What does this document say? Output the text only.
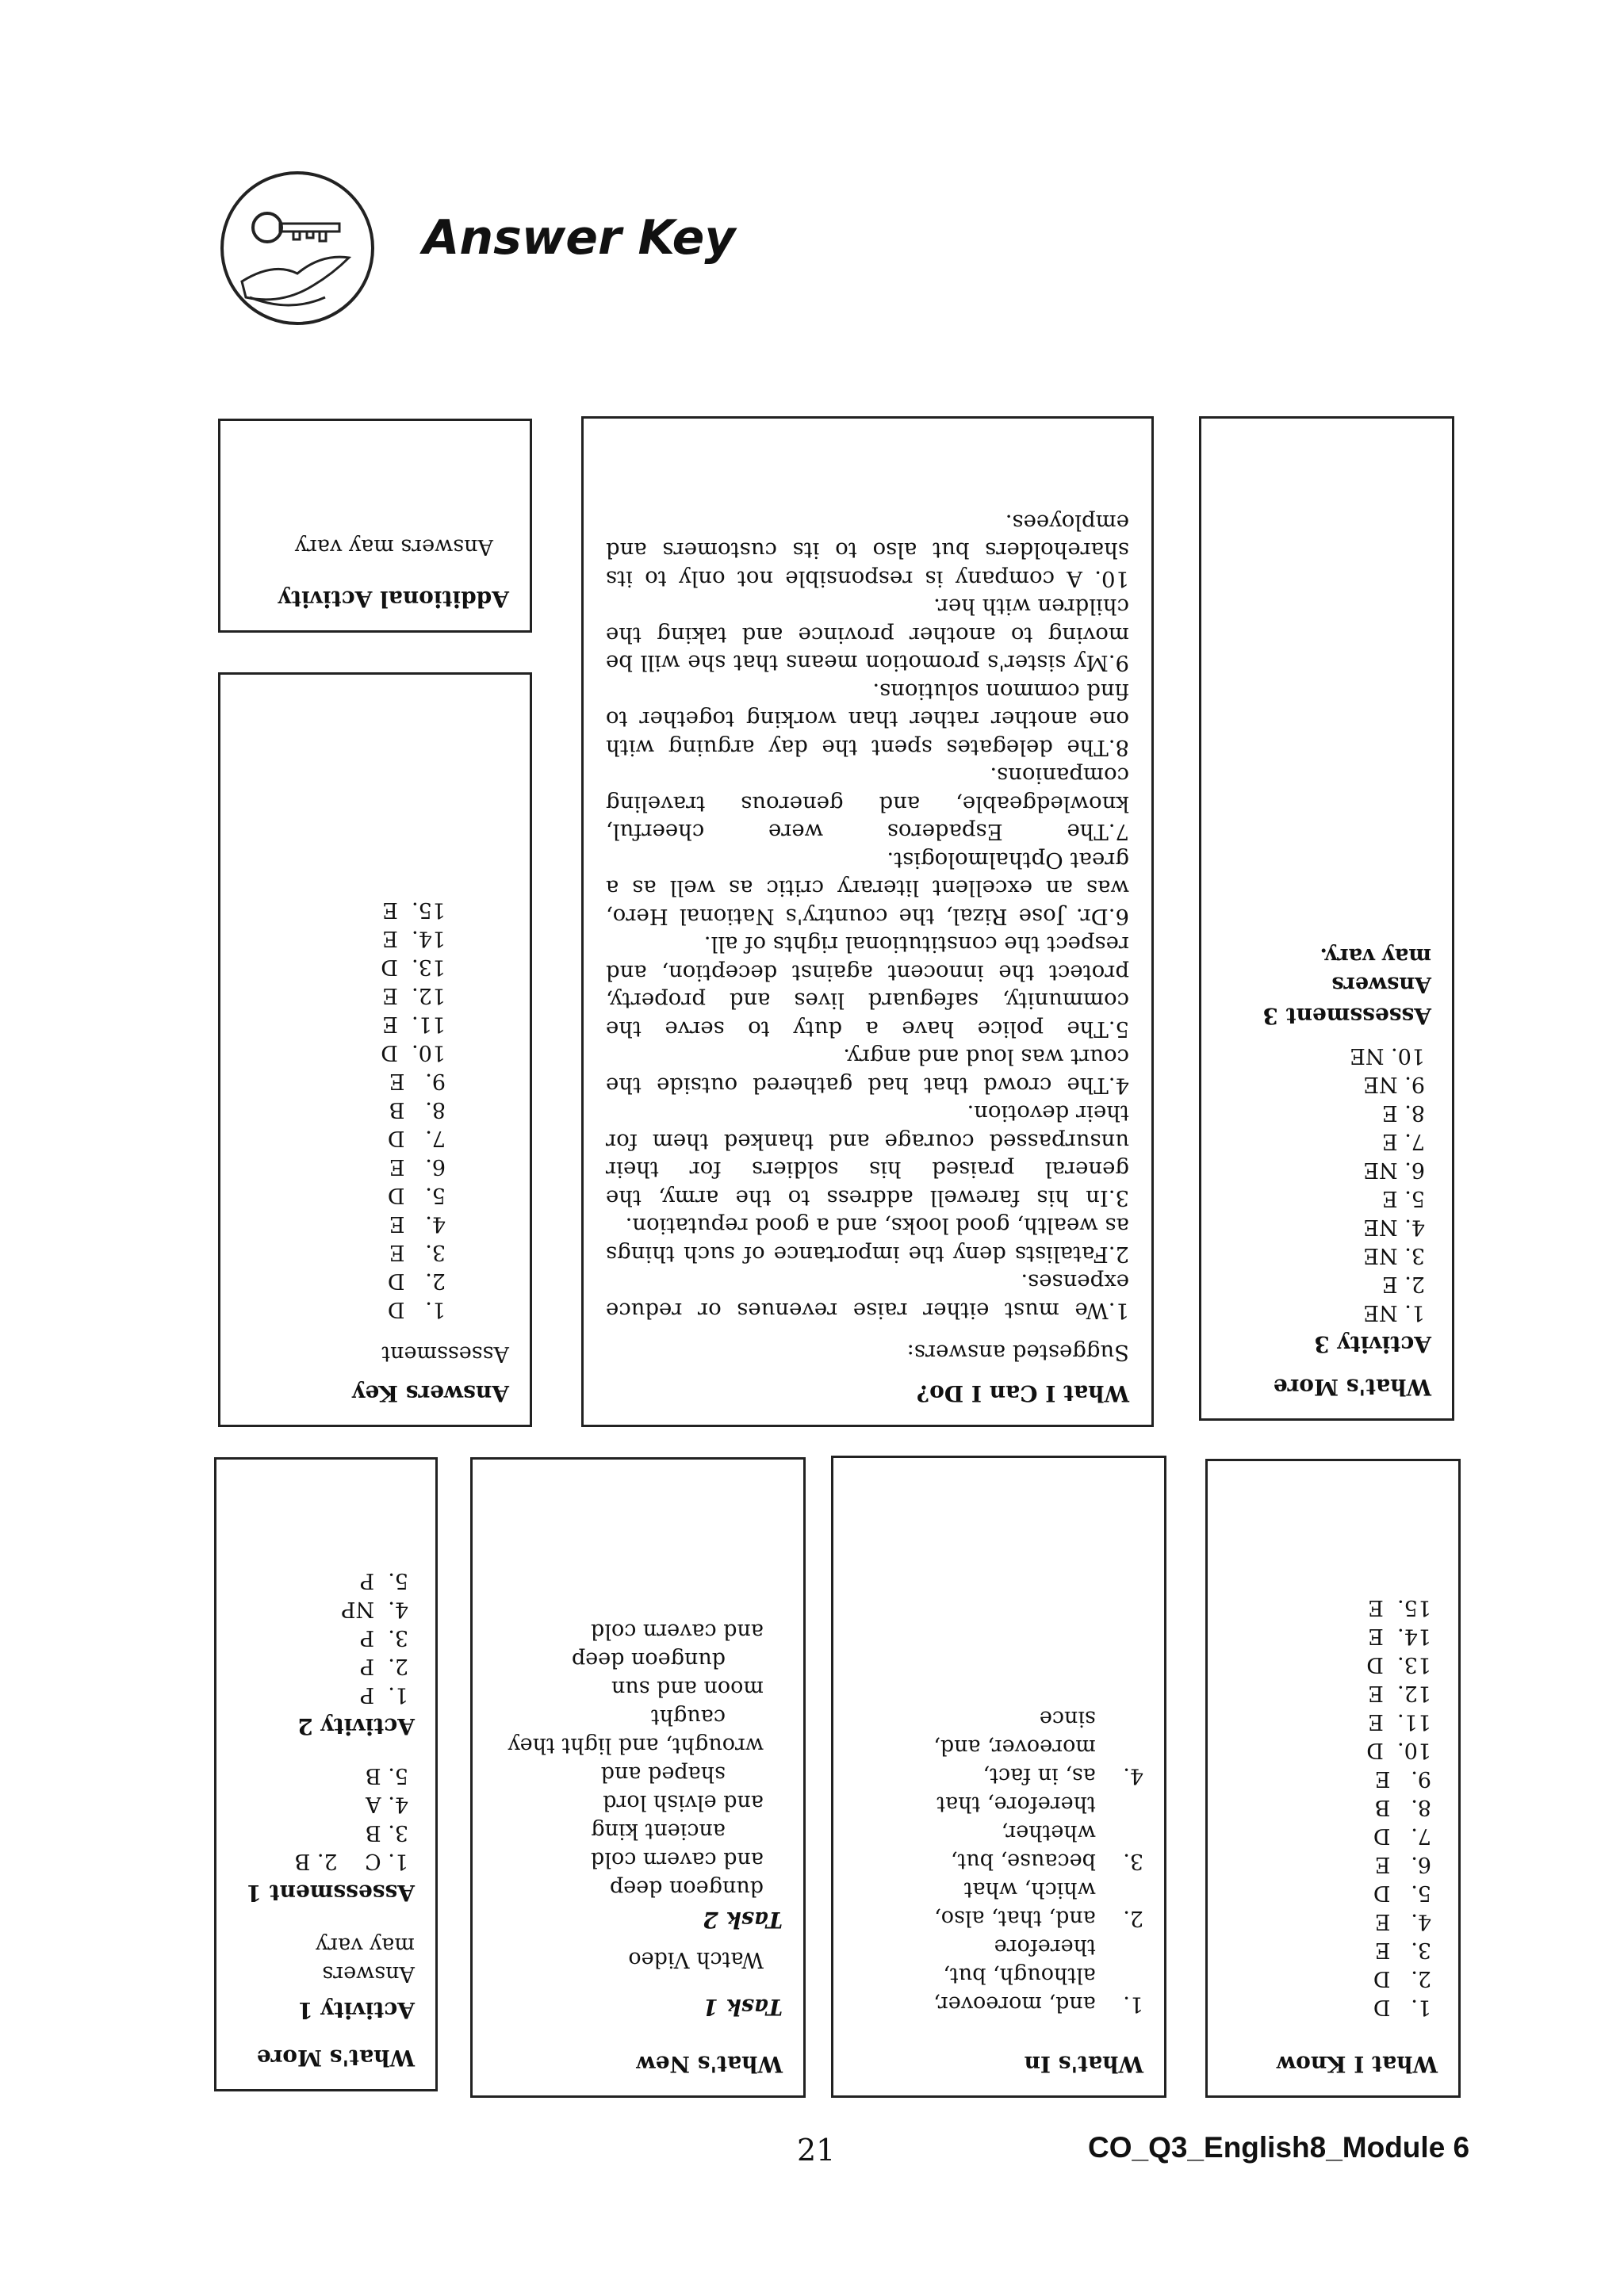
Answer Key
Additional Activity
Answers may vary
Answers Key
Assessment
1.   D
2.   D
3.   E
4.   E
5.   D
6.   E
7.   D
8.   B
9.   E
10.  D
11.  E
12.  E
13.  D
14.  E
15.  E
What I Can I Do?
Suggested answers:
1.We must either raise revenues or reduce expenses.
2.Fatalists deny the importance of such things as wealth, good looks, and a good reputation.
3.In his farewell address to the army, the general praised his soldiers for their unsurpassed courage and thanked them for their devotion.
4.The crowd that had gathered outside the court was loud and angry.
5.The police have a duty to serve the community, safeguard lives and property, protect the innocent against deception, and respect the constitutional rights of all.
6.Dr. Jose Rizal, the country's National Hero, was an excellent literary critic as well as a great Opthalmologist.
7.The Espaderos were cheerful, knowledgeable, and generous traveling companions.
8.The delegates spent the day arguing with one another rather than working together to find common solutions.
9.My sister's promotion means that she will be moving to another province and taking the children with her.
10. A company is responsible not only to its shareholders but also to its customers and employees.
What's More
Activity 3
1. NE
2. E
3. NE
4. NE
5. E
6. NE
7. E
8. E
9. NE
10. NE
Assessment 3
Answers may vary.
What's More
Activity 1
Answers may vary
Assessment 1
1. C    2. B
3. B
4. A
5. B
Activity 2
1.  P
2.  P
3.  P
4.  NP
5.  P
What's New
Task 1
Watch Video
Task 2
dungeon deep
and cavern cold
ancient king
and elvish lord
shaped and
wrought, and light they
caught
moon and sun
dungeon deep
and cavern cold
What's In
1.    and, moreover,
although, but,
therefore
2.    and, that, also,
which, what
3.    because, but,
whether,
therefore, that
4.    as, in fact,
moreover, and,
since
What I Know
1.   D
2.   D
3.   E
4.   E
5.   D
6.   E
7.   D
8.   B
9.   E
10.  D
11.  E
12.  E
13.  D
14.  E
15.  E
21	CO_Q3_English8_Module 6
